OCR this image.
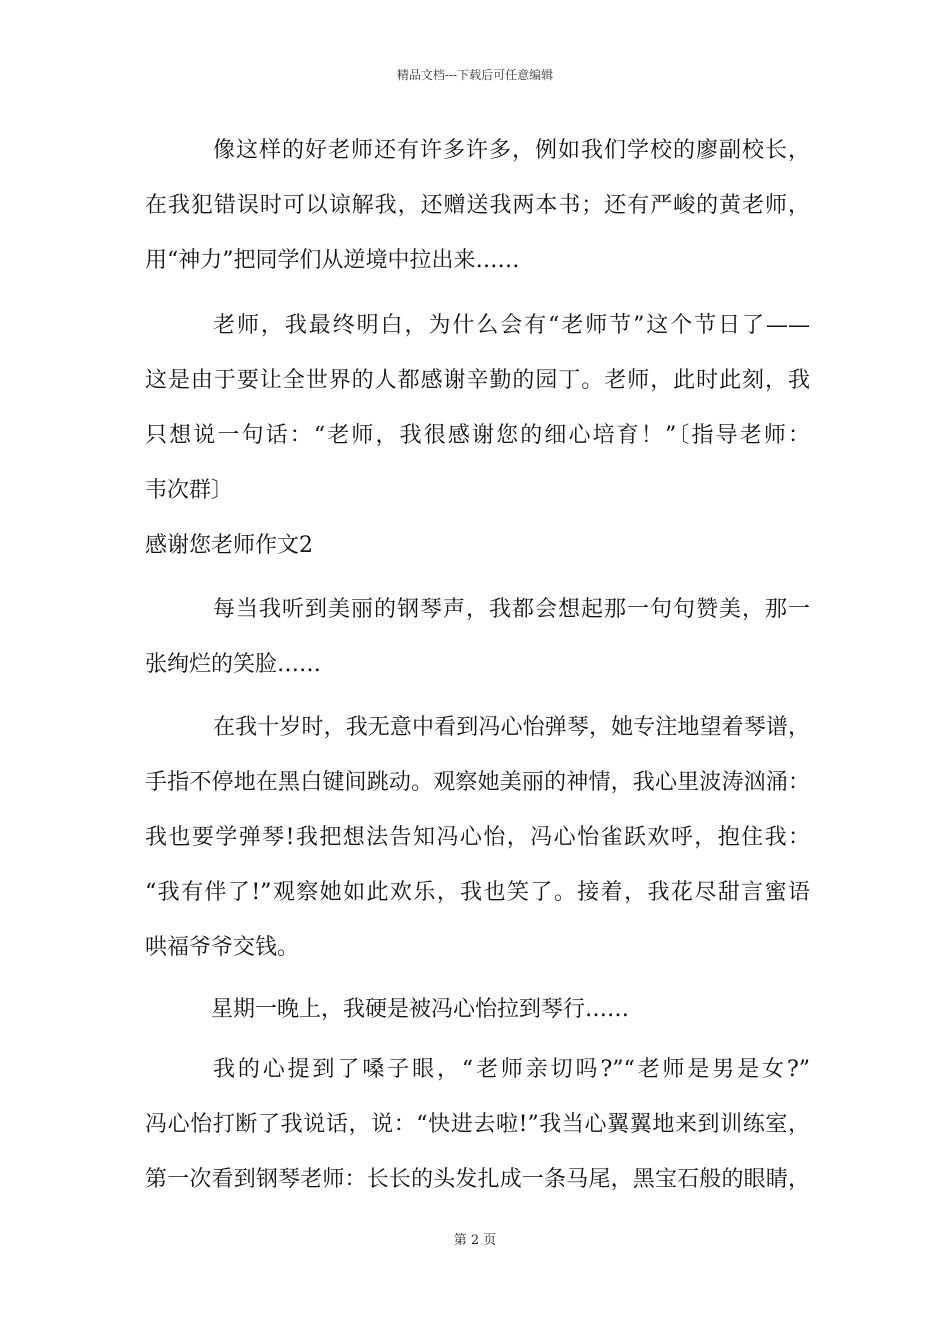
精品文档---下载后可任意编辑
像这样的好老师还有许多许多，例如我们学校的廖副校长，
在我犯错误时可以谅解我，还赠送我两本书；还有严峻的黄老师，
用“神力”把同学们从逆境中拉出来……
老师，我最终明白，为什么会有“老师节”这个节日了——
这是由于要让全世界的人都感谢辛勤的园丁。老师，此时此刻，我
只想说一句话：“老师，我很感谢您的细心培育！”〔指导老师：
韦次群〕
感谢您老师作文2
每当我听到美丽的钢琴声，我都会想起那一句句赞美，那一
张绚烂的笑脸……
在我十岁时，我无意中看到冯心怡弹琴，她专注地望着琴谱，
手指不停地在黑白键间跳动。观察她美丽的神情，我心里波涛汹涌：
我也要学弹琴!我把想法告知冯心怡，冯心怡雀跃欢呼，抱住我：
“我有伴了!”观察她如此欢乐，我也笑了。接着，我花尽甜言蜜语
哄福爷爷交钱。
星期一晚上，我硬是被冯心怡拉到琴行……
我的心提到了嗓子眼，“老师亲切吗?”“老师是男是女?”
冯心怡打断了我说话，说：“快进去啦!”我当心翼翼地来到训练室，
第一次看到钢琴老师：长长的头发扎成一条马尾，黑宝石般的眼睛，
第 2 页
